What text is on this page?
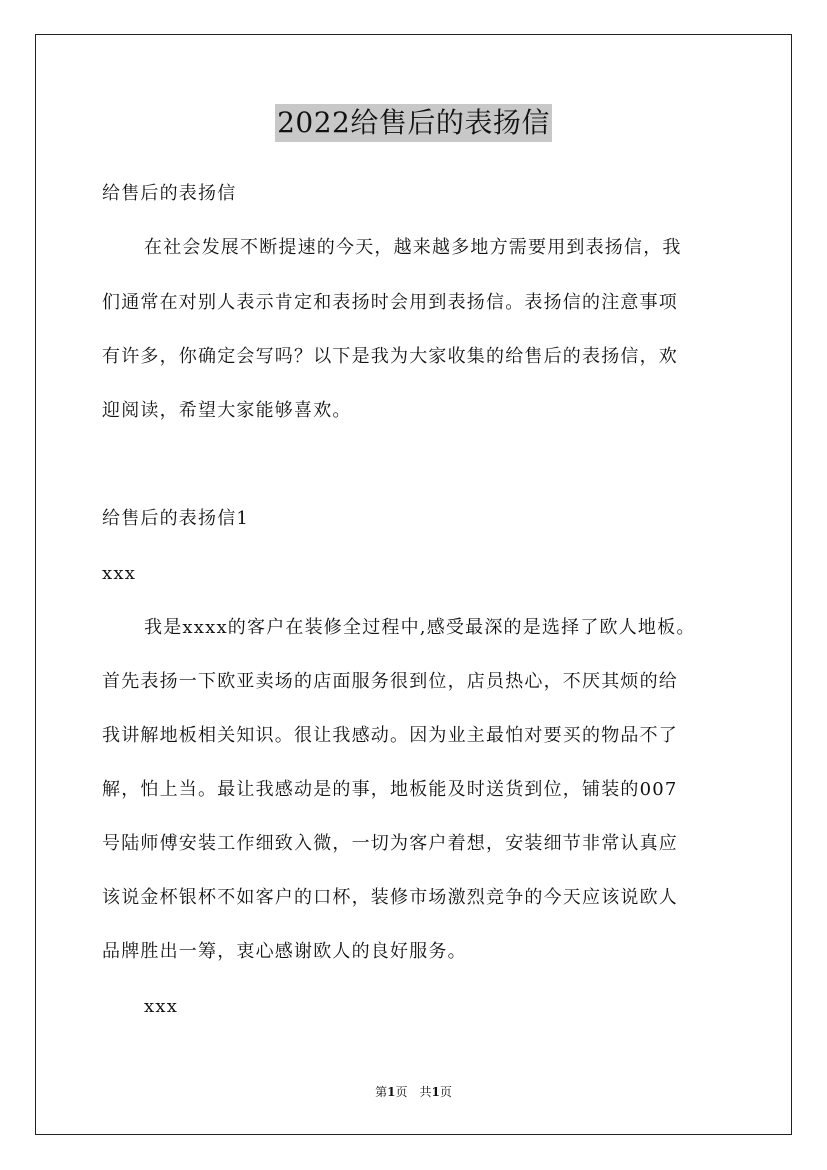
2022给售后的表扬信
给售后的表扬信
在社会发展不断提速的今天，越来越多地方需要用到表扬信，我
们通常在对别人表示肯定和表扬时会用到表扬信。表扬信的注意事项
有许多，你确定会写吗？以下是我为大家收集的给售后的表扬信，欢
迎阅读，希望大家能够喜欢。
给售后的表扬信1
xxx
我是xxxx的客户在装修全过程中,感受最深的是选择了欧人地板。
首先表扬一下欧亚卖场的店面服务很到位，店员热心，不厌其烦的给
我讲解地板相关知识。很让我感动。因为业主最怕对要买的物品不了
解，怕上当。最让我感动是的事，地板能及时送货到位，铺装的007
号陆师傅安装工作细致入微，一切为客户着想，安装细节非常认真应
该说金杯银杯不如客户的口杯，装修市场激烈竞争的今天应该说欧人
品牌胜出一筹，衷心感谢欧人的良好服务。
xxx
第1页 共1页
